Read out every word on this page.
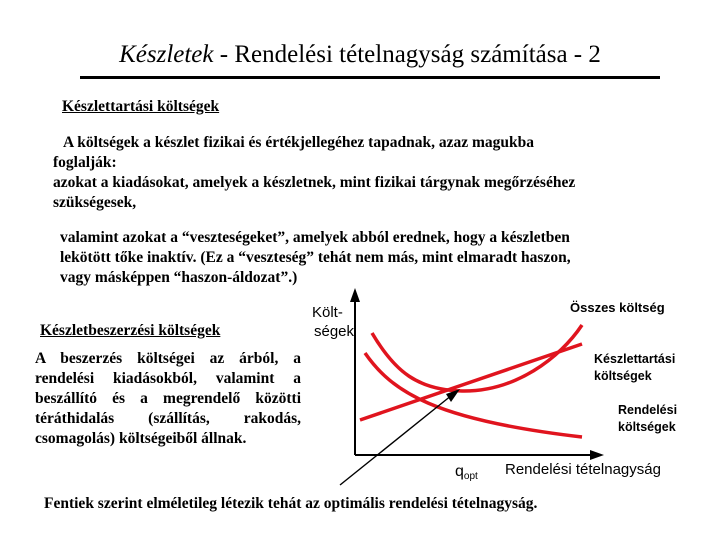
Készletek - Rendelési tételnagyság számítása - 2
Készlettartási költségek
A költségek a készlet fizikai és értékjellegéhez tapadnak, azaz magukba
foglalják:
azokat a kiadásokat, amelyek a készletnek, mint fizikai tárgynak megőrzéséhez
szükségesek,
valamint azokat a “veszteségeket”, amelyek abból erednek, hogy a készletben
lekötött tőke inaktív. (Ez a “veszteség” tehát nem más, mint elmaradt haszon,
vagy másképpen “haszon-áldozat”.)
Készletbeszerzési költségek
A beszerzés költségei az árból, a
rendelési kiadásokból, valamint a
beszállító és a megrendelő közötti
téráthidalás (szállítás, rakodás,
csomagolás) költségeiből állnak.
Költ-
ségek
Összes költség
Készlettartási
költségek
Rendelési
költségek
qopt Rendelési tételnagyság
Fentiek szerint elméletileg létezik tehát az optimális rendelési tételnagyság.
